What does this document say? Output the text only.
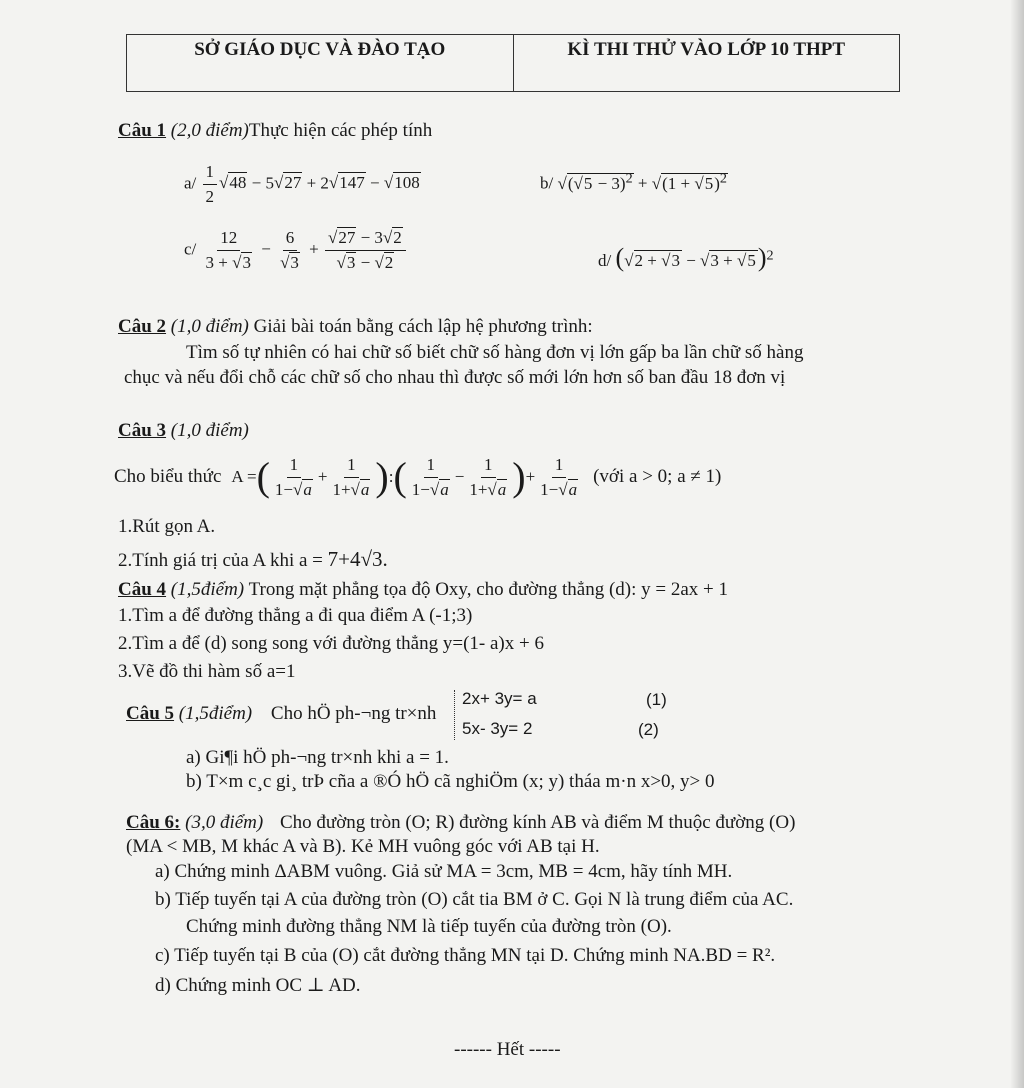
SỞ GIÁO DỤC VÀ ĐÀO TẠO	KÌ THI THỬ VÀO LỚP 10 THPT
Câu 1 (2,0 điểm)Thực hiện các phép tính
$a/ \frac{1}{2}$ √ 48 − 5 √ 27 + 2 √ 147 − √ 108	b/ √ ( √ 5 − 3)$^2$ + √ (1 + √ 5)$^2$
$c/ \frac{12}{3 + √ 3} - 6$
√ 3 + √ 27 − 3 √ 2
√ 3 − √ 2	d/ ( √ 2 + √ 3 − √ 3 + √ 5)$^2$
Câu 2 (1,0 điểm) Giải bài toán bằng cách lập hệ phương trình:
Tìm số tự nhiên có hai chữ số biết chữ số hàng đơn vị lớn gấp ba lần chữ số hàng
chục và nếu đổi chỗ các chữ số cho nhau thì được số mới lớn hơn số ban đầu 18 đơn vị
Câu 3 (1,0 điểm)
Cho biểu thức A = ( $\frac{1}{1- √ a} + \frac{1}{1+ √ a}$ ) : ( $\frac{1}{1- √ a} - \frac{1}{1+ √ a}$ ) + $\frac{1}{1- √ a}$ (với a > 0; a ≠ 1)
1.Rút gọn A.
2.Tính giá trị của A khi a = 7+4√3.
Câu 4 (1,5điểm) Trong mặt phẳng tọa độ Oxy, cho đường thẳng (d): y = 2ax + 1
1.Tìm a để đường thẳng a đi qua điểm A (-1;3)
2.Tìm a để (d) song song với đường thẳng y=(1- a)x + 6
3.Vẽ đồ thi hàm số a=1
Câu 5 (1,5điểm) Cho hÖ ph-¬ng tr×nh
2x+ 3y= a
5x- 3y= 2
(1)
(2)
a) Gi¶i hÖ ph-¬ng tr×nh khi a = 1.
b) T×m c¸c gi¸ trÞ cña a ®Ó hÖ cã nghiÖm (x; y) tháa m·n x>0, y> 0
Câu 6: (3,0 điểm) Cho đường tròn (O; R) đường kính AB và điểm M thuộc đường (O)
(MA < MB, M khác A và B). Kẻ MH vuông góc với AB tại H.
a) Chứng minh ΔABM vuông. Giả sử MA = 3cm, MB = 4cm, hãy tính MH.
b) Tiếp tuyến tại A của đường tròn (O) cắt tia BM ở C. Gọi N là trung điểm của AC.
Chứng minh đường thẳng NM là tiếp tuyến của đường tròn (O).
c) Tiếp tuyến tại B của (O) cắt đường thẳng MN tại D. Chứng minh NA.BD = R².
d) Chứng minh OC ⊥ AD.
------ Hết -----
